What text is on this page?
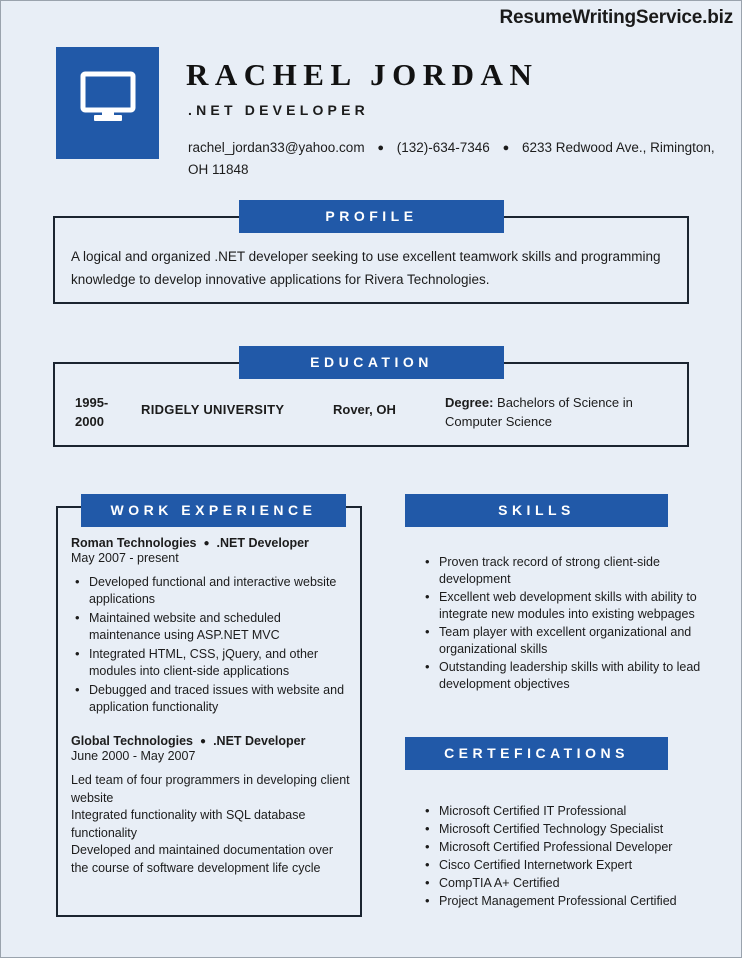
ResumeWritingService.biz
RACHEL JORDAN
.NET DEVELOPER
rachel_jordan33@yahoo.com ● (132)-634-7346 ● 6233 Redwood Ave., Rimington, OH 11848
PROFILE
A logical and organized .NET developer seeking to use excellent teamwork skills and programming knowledge to develop innovative applications for Rivera Technologies.
EDUCATION
1995-
2000
RIDGELY UNIVERSITY	Rover, OH	Degree: Bachelors of Science in Computer Science
WORK EXPERIENCE
Roman Technologies ● .NET Developer
May 2007 - present
• Developed functional and interactive website applications
• Maintained website and scheduled maintenance using ASP.NET MVC
• Integrated HTML, CSS, jQuery, and other modules into client-side applications
• Debugged and traced issues with website and application functionality
Global Technologies ● .NET Developer
June 2000 - May 2007
Led team of four programmers in developing client website
Integrated functionality with SQL database functionality
Developed and maintained documentation over the course of software development life cycle
SKILLS
• Proven track record of strong client-side development
• Excellent web development skills with ability to integrate new modules into existing webpages
• Team player with excellent organizational and organizational skills
• Outstanding leadership skills with ability to lead development objectives
CERTEFICATIONS
• Microsoft Certified IT Professional
• Microsoft Certified Technology Specialist
• Microsoft Certified Professional Developer
• Cisco Certified Internetwork Expert
• CompTIA A+ Certified
• Project Management Professional Certified
